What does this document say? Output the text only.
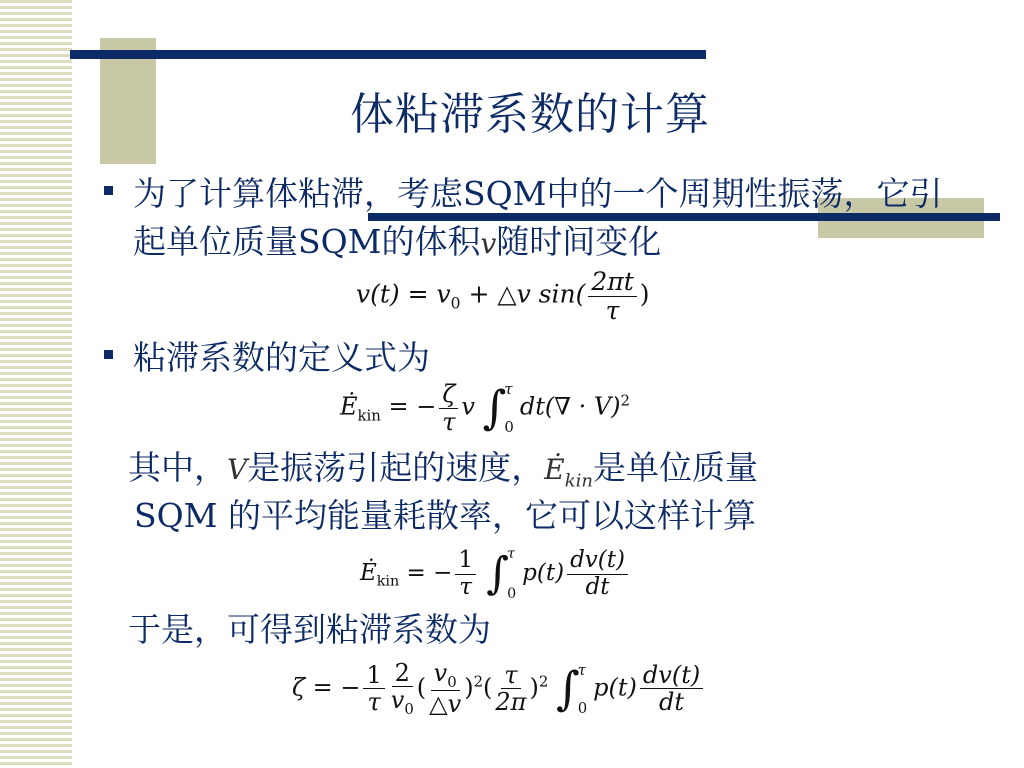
体粘滞系数的计算
为了计算体粘滞，考虑SQM中的一个周期性振荡，它引起单位质量SQM的体积v随时间变化
$v(t) = v_0$ + △v $\sin( \frac{2\pi t}{\tau}$ )
粘滞系数的定义式为
$Ė_{kin}$ = − $\frac{\zeta}{\tau}$ v ∫
τ
0
dt(∇ · V)$^2$
其中，V是振荡引起的速度，$Ė_{kin}$是单位质量
SQM 的平均能量耗散率，它可以这样计算
$Ė_{kin}$ = − $\frac{1}{\tau}$ ∫
τ
0
$p(t) \frac{dv(t)}{dt}$
于是，可得到粘滞系数为
ζ = − $\frac{1}{\tau} \frac{2}{v_0}$ ( $\frac{v_0}{\triangle v} )^2( \frac{\tau}{2\pi} )^2$ ∫
τ
0
$p(t) \frac{dv(t)}{dt}$
